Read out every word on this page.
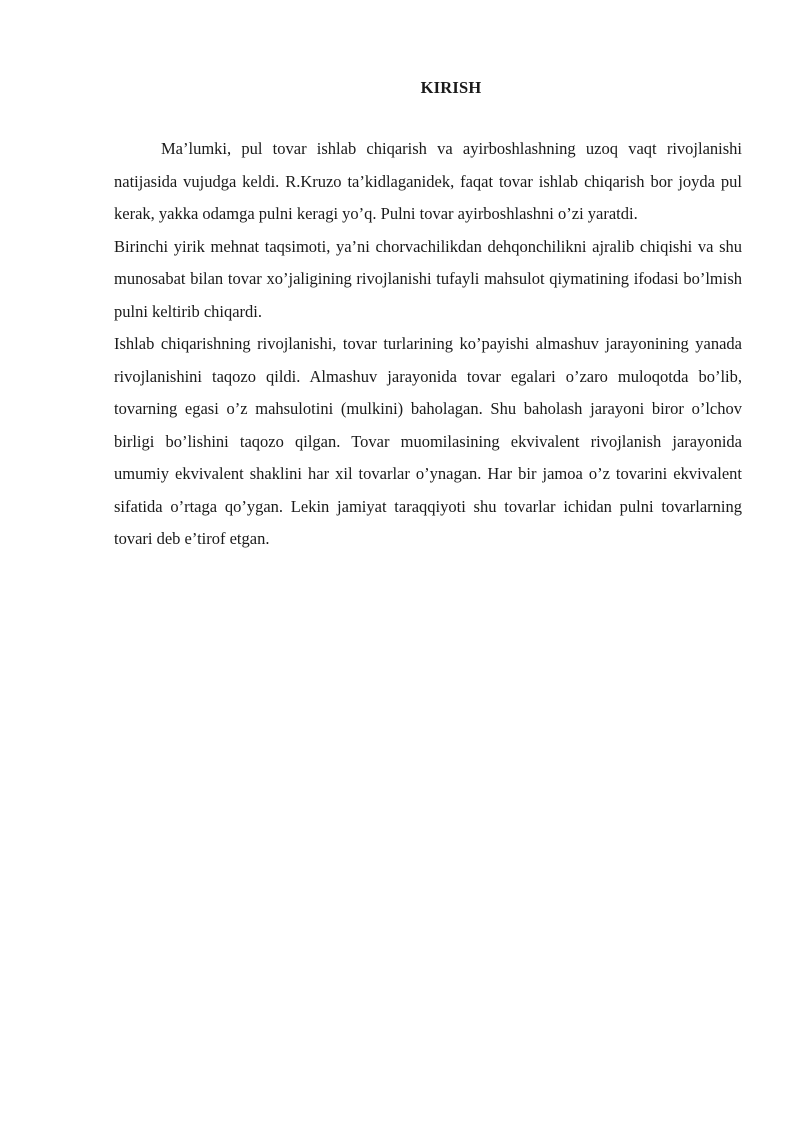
KIRISH

Ma’lumki, pul tovar ishlab chiqarish va ayirboshlashning uzoq vaqt rivojlanishi natijasida vujudga keldi. R.Kruzo ta’kidlaganidek, faqat tovar ishlab chiqarish bor joyda pul kerak, yakka odamga pulni keragi yo’q. Pulni tovar ayirboshlashni o’zi yaratdi.

Birinchi yirik mehnat taqsimoti, ya’ni chorvachilikdan dehqonchilikni ajralib chiqishi va shu munosabat bilan tovar xo’jaligining rivojlanishi tufayli mahsulot qiymatining ifodasi bo’lmish pulni keltirib chiqardi.

Ishlab chiqarishning rivojlanishi, tovar turlarining ko’payishi almashuv jarayonining yanada rivojlanishini taqozo qildi. Almashuv jarayonida tovar egalari o’zaro muloqotda bo’lib, tovarning egasi o’z mahsulotini (mulkini) baholagan. Shu baholash jarayoni biror o’lchov birligi bo’lishini taqozo qilgan. Tovar muomilasining ekvivalent rivojlanish jarayonida umumiy ekvivalent shaklini har xil tovarlar o’ynagan. Har bir jamoa o’z tovarini ekvivalent sifatida o’rtaga qo’ygan. Lekin jamiyat taraqqiyoti shu tovarlar ichidan pulni tovarlarning tovari deb e’tirof etgan.
